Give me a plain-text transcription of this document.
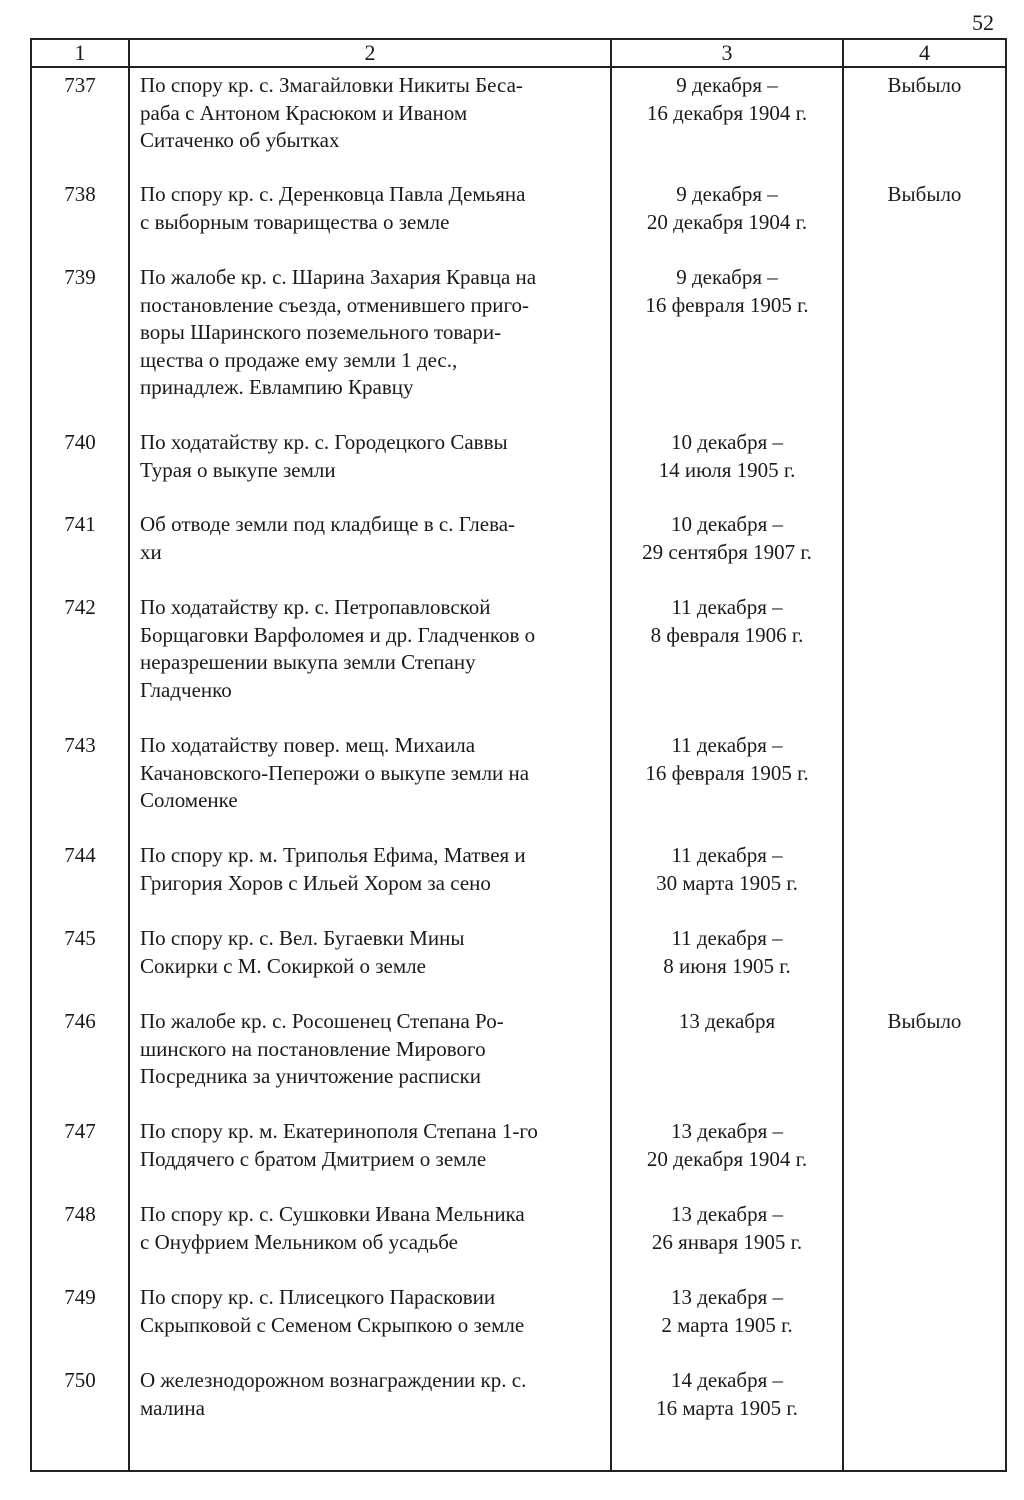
52
1	2	3	4
737	По спору кр. с. Змагайловки Никиты Беса-
раба с Антоном Красюком и Иваном
Ситаченко об убытках	9 декабря –
16 декабря 1904 г.	Выбыло
738	По спору кр. с. Деренковца Павла Демьяна
с выборным товарищества о земле	9 декабря –
20 декабря 1904 г.	Выбыло
739	По жалобе кр. с. Шарина Захария Кравца на
постановление съезда, отменившего приго-
воры Шаринского поземельного товари-
щества о продаже ему земли 1 дес.,
принадлеж. Евлампию Кравцу	9 декабря –
16 февраля 1905 г.	

740	По ходатайству кр. с. Городецкого Саввы
Турая о выкупе земли	10 декабря –
14 июля 1905 г.	

741	Об отводе земли под кладбище в с. Глева-
хи	10 декабря –
29 сентября 1907 г.	

742	По ходатайству кр. с. Петропавловской
Борщаговки Варфоломея и др. Гладченков о
неразрешении выкупа земли Степану
Гладченко	11 декабря –
8 февраля 1906 г.	

743	По ходатайству повер. мещ. Михаила
Качановского-Пеперожи о выкупе земли на
Соломенке	11 декабря –
16 февраля 1905 г.	

744	По спору кр. м. Триполья Ефима, Матвея и
Григория Хоров с Ильей Хором за сено	11 декабря –
30 марта 1905 г.	

745	По спору кр. с. Вел. Бугаевки Мины
Сокирки с М. Сокиркой о земле	11 декабря –
8 июня 1905 г.	

746	По жалобе кр. с. Росошенец Степана Ро-
шинского на постановление Мирового
Посредника за уничтожение расписки	13 декабря	Выбыло
747	По спору кр. м. Екатеринополя Степана 1-го
Поддячего с братом Дмитрием о земле	13 декабря –
20 декабря 1904 г.	

748	По спору кр. с. Сушковки Ивана Мельника
с Онуфрием Мельником об усадьбе	13 декабря –
26 января 1905 г.	

749	По спору кр. с. Плисецкого Парасковии
Скрыпковой с Семеном Скрыпкою о земле	13 декабря –
2 марта 1905 г.	

750	О железнодорожном вознаграждении кр. с.
малина	14 декабря –
16 марта 1905 г.	
